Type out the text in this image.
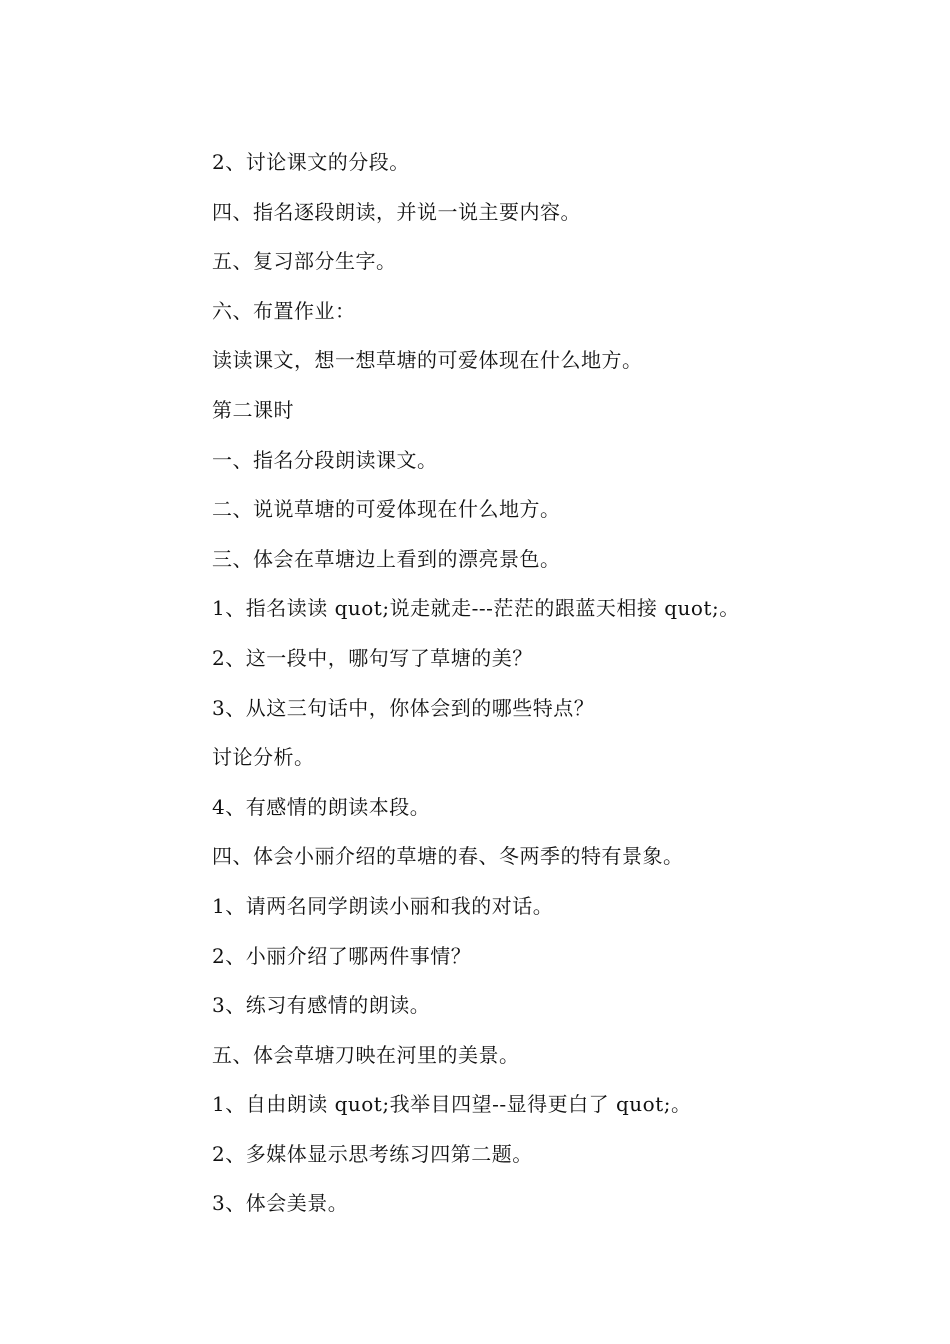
2、讨论课文的分段。
四、指名逐段朗读，并说一说主要内容。
五、复习部分生字。
六、布置作业：
读读课文，想一想草塘的可爱体现在什么地方。
第二课时
一、指名分段朗读课文。
二、说说草塘的可爱体现在什么地方。
三、体会在草塘边上看到的漂亮景色。
1、指名读读 quot;说走就走---茫茫的跟蓝天相接 quot;。
2、这一段中，哪句写了草塘的美？
3、从这三句话中，你体会到的哪些特点？
讨论分析。
4、有感情的朗读本段。
四、体会小丽介绍的草塘的春、冬两季的特有景象。
1、请两名同学朗读小丽和我的对话。
2、小丽介绍了哪两件事情？
3、练习有感情的朗读。
五、体会草塘刀映在河里的美景。
1、自由朗读 quot;我举目四望--显得更白了 quot;。
2、多媒体显示思考练习四第二题。
3、体会美景。
